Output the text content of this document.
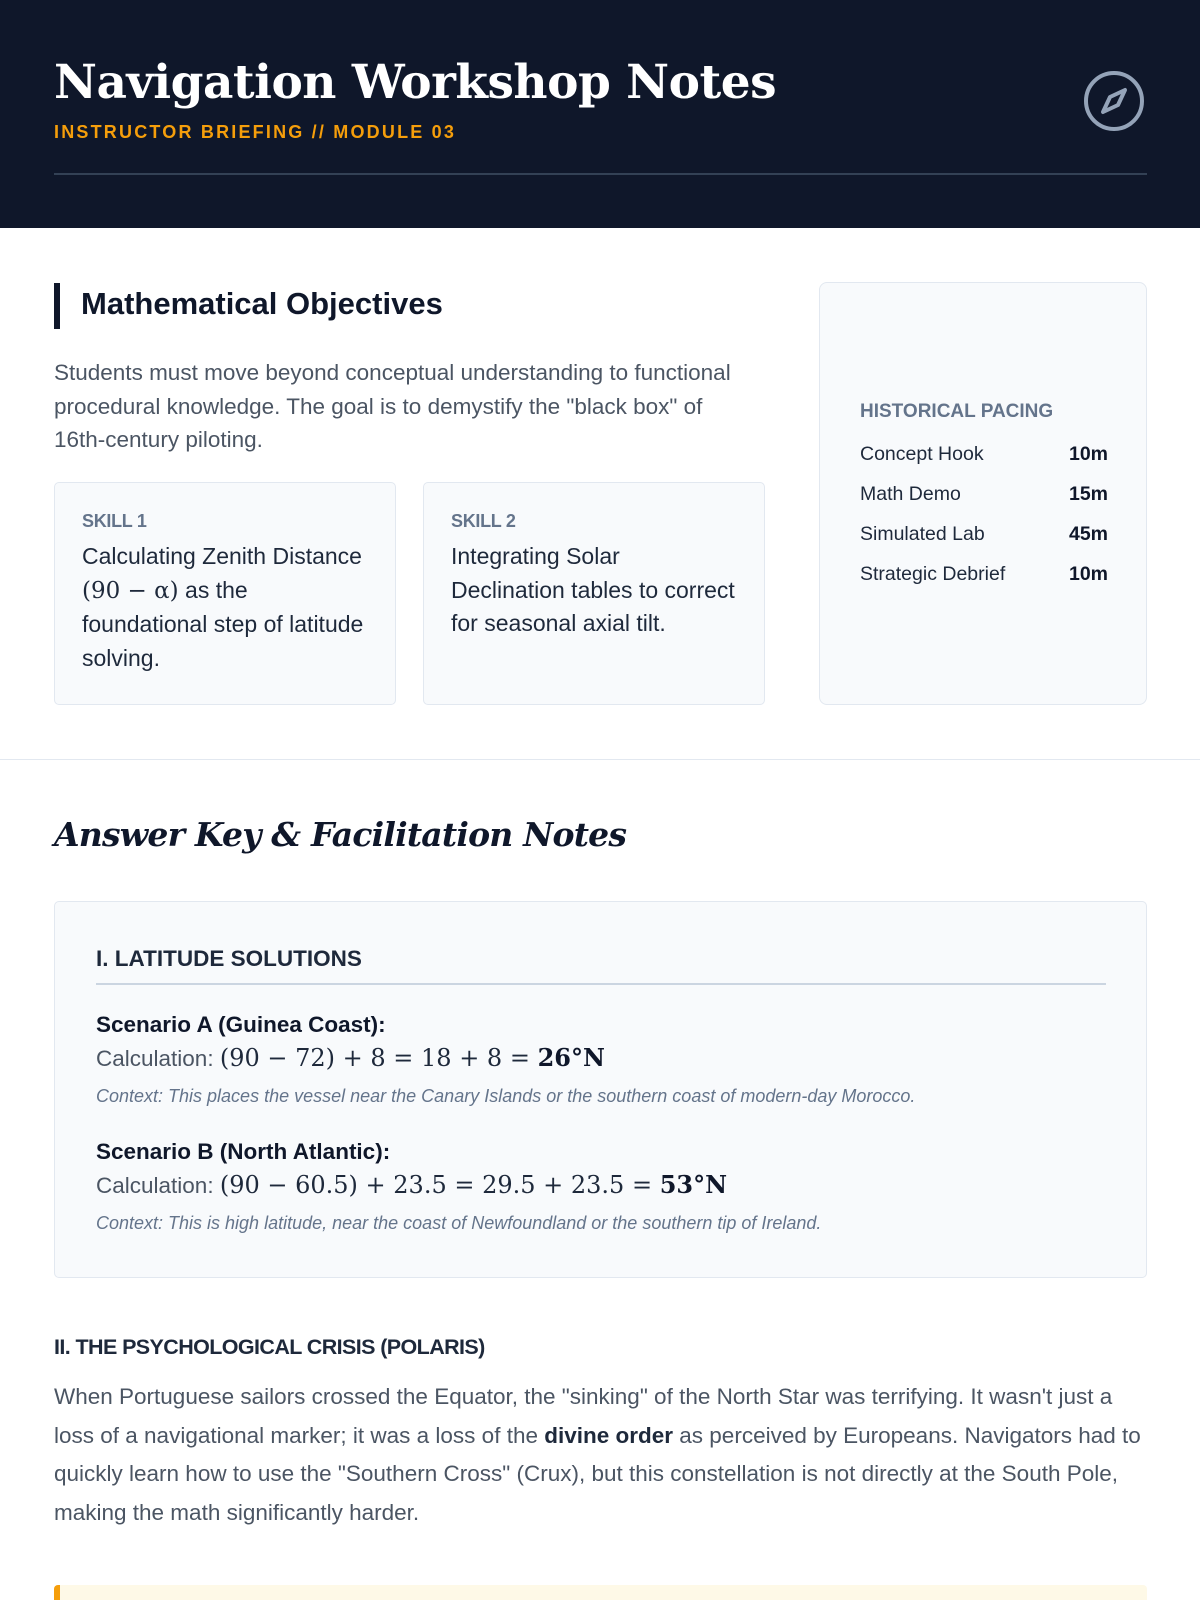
Navigation Workshop Notes
INSTRUCTOR BRIEFING // MODULE 03
Mathematical Objectives

Students must move beyond conceptual understanding to functional procedural knowledge. The goal is to demystify the "black box" of 16th-century piloting.

SKILL 1
Calculating Zenith Distance (90 − α) as the foundational step of latitude solving.
SKILL 2
Integrating Solar Declination tables to correct for seasonal axial tilt.
HISTORICAL PACING
Concept Hook	10m
Math Demo	15m
Simulated Lab	45m
Strategic Debrief	10m
Answer Key & Facilitation Notes
I. LATITUDE SOLUTIONS
Scenario A (Guinea Coast):
Calculation: (90 − 72) + 8 = 18 + 8 = 26°N
Context: This places the vessel near the Canary Islands or the southern coast of modern-day Morocco.
Scenario B (North Atlantic):
Calculation: (90 − 60.5) + 23.5 = 29.5 + 23.5 = 53°N
Context: This is high latitude, near the coast of Newfoundland or the southern tip of Ireland.
II. THE PSYCHOLOGICAL CRISIS (POLARIS)

When Portuguese sailors crossed the Equator, the "sinking" of the North Star was terrifying. It wasn't just a loss of a navigational marker; it was a loss of the divine order as perceived by Europeans. Navigators had to quickly learn how to use the "Southern Cross" (Crux), but this constellation is not directly at the South Pole, making the math significantly harder.
